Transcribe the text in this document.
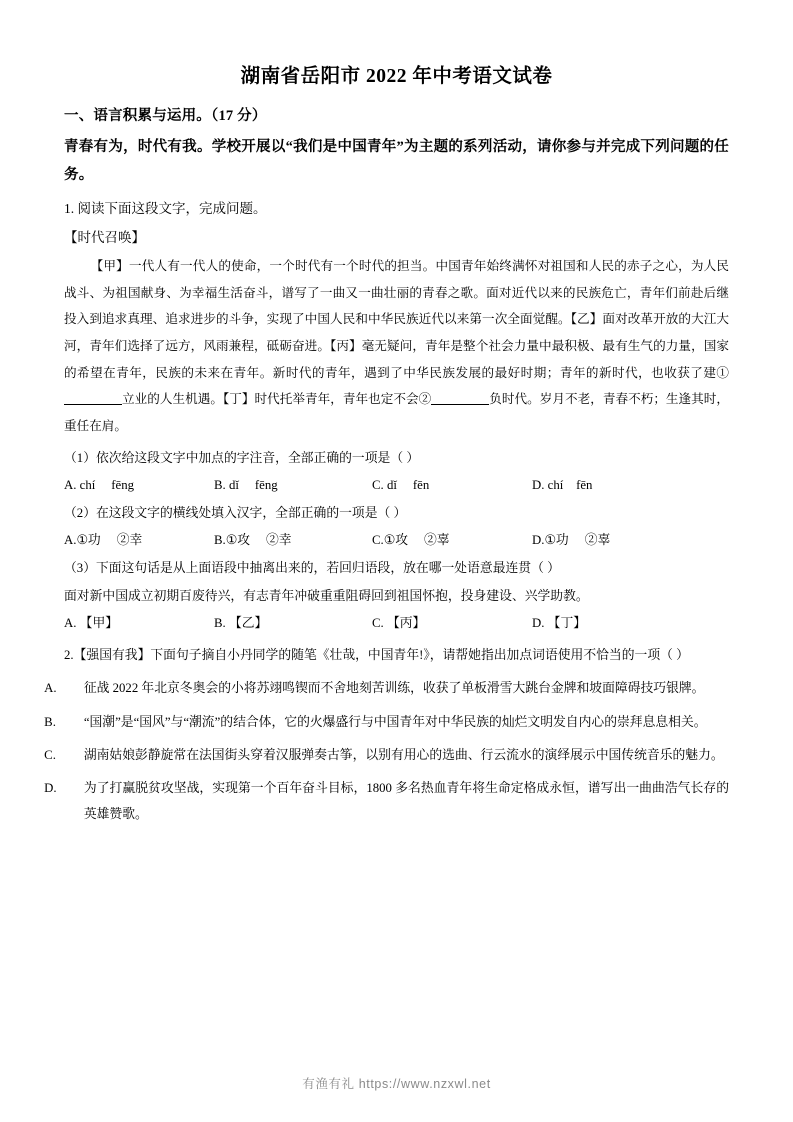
湖南省岳阳市 2022 年中考语文试卷
一、语言积累与运用。（17 分）
青春有为，时代有我。学校开展以“我们是中国青年”为主题的系列活动，请你参与并完成下列问题的任务。
1. 阅读下面这段文字，完成问题。
【时代召唤】
【甲】一代人有一代人的使命，一个时代有一个时代的担当。中国青年始终满怀对祖国和人民的赤子之心，为人民战斗、为祖国献身、为幸福生活奋斗，谱写了一曲又一曲壮丽的青春之歌。面对近代以来的民族危亡，青年们前赴后继投入到追求真理、追求进步的斗争，实现了中国人民和中华民族近代以来第一次全面觉醒。【乙】面对改革开放的大江大河，青年们选择了远方，风雨兼程，砥砺奋进。【丙】毫无疑问，青年是整个社会力量中最积极、最有生气的力量，国家的希望在青年，民族的未来在青年。新时代的青年，遇到了中华民族发展的最好时期；青年的新时代，也收获了建①立业的人生机遇。【丁】时代托举青年，青年也定不会②	负时代。岁月不老，青春不朽；生逢其时，重任在肩。
（1）依次给这段文字中加点的字注音，全部正确的一项是（ ）
A. chí     fēng	B. dǐ     fēng	C. dǐ     fēn	D. chí    fēn
（2）在这段文字的横线处填入汉字，全部正确的一项是（ ）
A.①功     ②幸	B.①攻     ②幸	C.①攻     ②辜	D.①功     ②辜
（3）下面这句话是从上面语段中抽离出来的，若回归语段，放在哪一处语意最连贯（ ）
面对新中国成立初期百废待兴，有志青年冲破重重阻碍回到祖国怀抱，投身建设、兴学助教。
A. 【甲】	B. 【乙】	C. 【丙】	D. 【丁】
2.【强国有我】下面句子摘自小丹同学的随笔《壮哉，中国青年!》，请帮她指出加点词语使用不恰当的一项（ ）
A. 征战 2022 年北京冬奥会的小将苏翊鸣锲而不舍地刻苦训练，收获了单板滑雪大跳台金牌和坡面障碍技巧银牌。
B. “国潮”是“国风”与“潮流”的结合体，它的火爆盛行与中国青年对中华民族的灿烂文明发自内心的崇拜息息相关。
C. 湖南姑娘彭静旋常在法国街头穿着汉服弹奏古筝，以别有用心的选曲、行云流水的演绎展示中国传统音乐的魅力。
D. 为了打赢脱贫攻坚战，实现第一个百年奋斗目标，1800 多名热血青年将生命定格成永恒，谱写出一曲曲浩气长存的英雄赞歌。
有渔有礼 https://www.nzxwl.net
